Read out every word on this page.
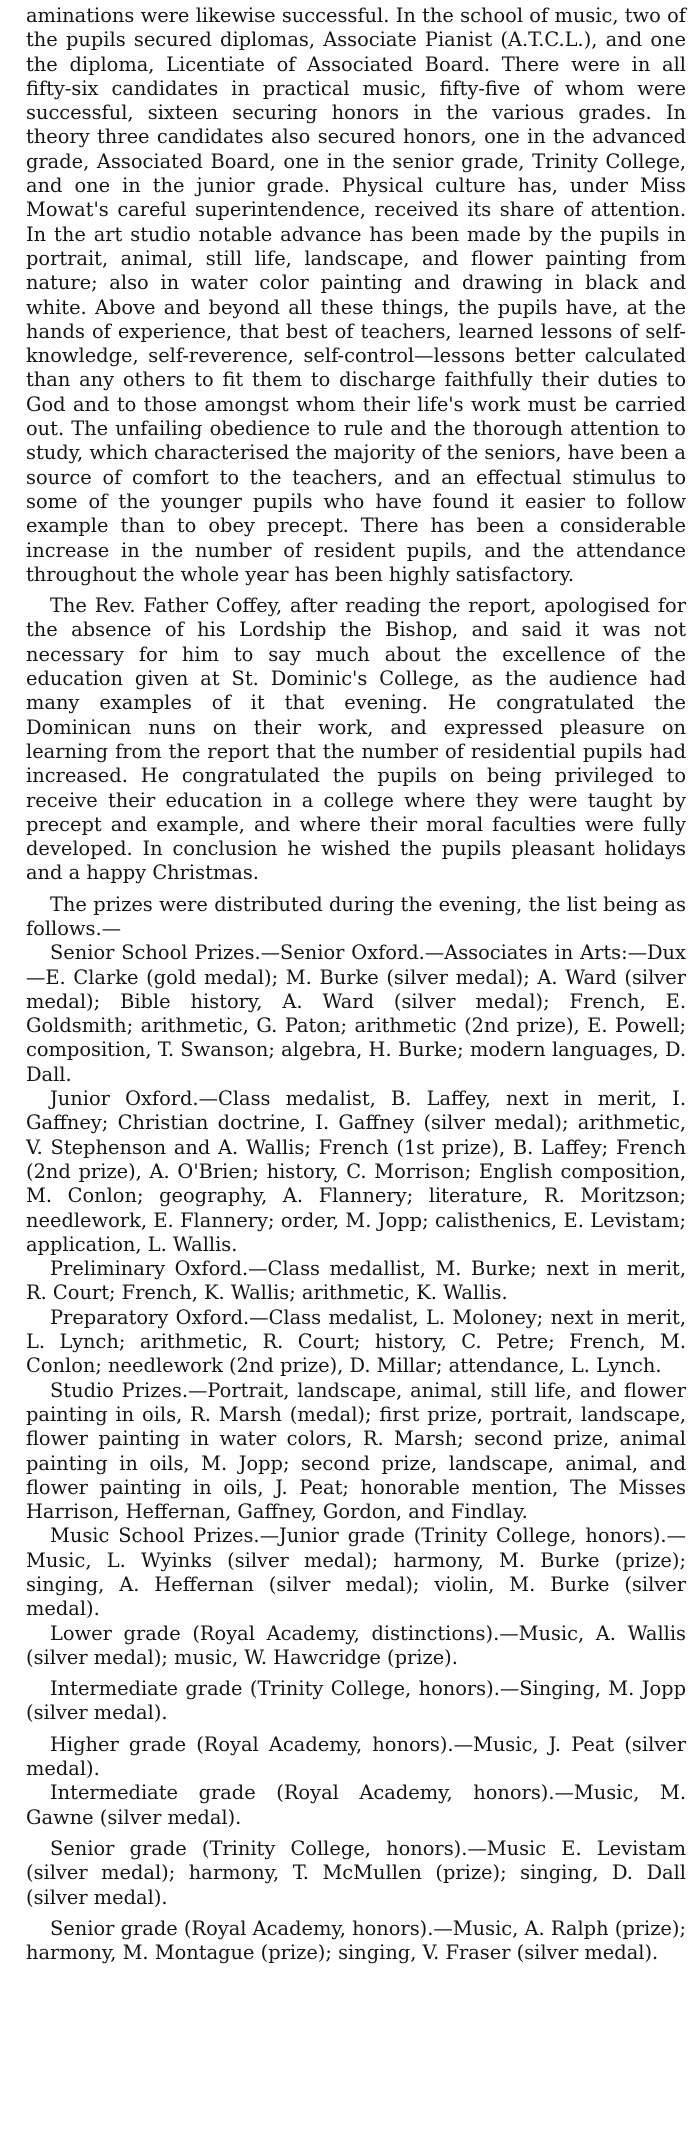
aminations were likewise successful. In the school of music, two of the pupils secured diplomas, Associate Pianist (A.T.C.L.), and one the diploma, Licentiate of Associated Board. There were in all fifty-six candidates in practical music, fifty-five of whom were successful, sixteen securing honors in the various grades. In theory three candidates also secured honors, one in the advanced grade, Associated Board, one in the senior grade, Trinity College, and one in the junior grade. Physical culture has, under Miss Mowat's careful superintendence, received its share of attention. In the art studio notable advance has been made by the pupils in portrait, animal, still life, landscape, and flower painting from nature; also in water color painting and drawing in black and white. Above and beyond all these things, the pupils have, at the hands of experience, that best of teachers, learned lessons of self-knowledge, self-reverence, self-control—lessons better calculated than any others to fit them to discharge faithfully their duties to God and to those amongst whom their life's work must be carried out. The unfailing obedience to rule and the thorough attention to study, which characterised the majority of the seniors, have been a source of comfort to the teachers, and an effectual stimulus to some of the younger pupils who have found it easier to follow example than to obey precept. There has been a considerable increase in the number of resident pupils, and the attendance throughout the whole year has been highly satisfactory.

The Rev. Father Coffey, after reading the report, apologised for the absence of his Lordship the Bishop, and said it was not necessary for him to say much about the excellence of the education given at St. Dominic's College, as the audience had many examples of it that evening. He congratulated the Dominican nuns on their work, and expressed pleasure on learning from the report that the number of residential pupils had increased. He congratulated the pupils on being privileged to receive their education in a college where they were taught by precept and example, and where their moral faculties were fully developed. In conclusion he wished the pupils pleasant holidays and a happy Christmas.

The prizes were distributed during the evening, the list being as follows.—

Senior School Prizes.—Senior Oxford.—Associates in Arts:—Dux—E. Clarke (gold medal); M. Burke (silver medal); A. Ward (silver medal); Bible history, A. Ward (silver medal); French, E. Goldsmith; arithmetic, G. Paton; arithmetic (2nd prize), E. Powell; composition, T. Swanson; algebra, H. Burke; modern languages, D. Dall.

Junior Oxford.—Class medalist, B. Laffey, next in merit, I. Gaffney; Christian doctrine, I. Gaffney (silver medal); arithmetic, V. Stephenson and A. Wallis; French (1st prize), B. Laffey; French (2nd prize), A. O'Brien; history, C. Morrison; English composition, M. Conlon; geography, A. Flannery; literature, R. Moritzson; needlework, E. Flannery; order, M. Jopp; calisthenics, E. Levistam; application, L. Wallis.

Preliminary Oxford.—Class medallist, M. Burke; next in merit, R. Court; French, K. Wallis; arithmetic, K. Wallis.

Preparatory Oxford.—Class medalist, L. Moloney; next in merit, L. Lynch; arithmetic, R. Court; history, C. Petre; French, M. Conlon; needlework (2nd prize), D. Millar; attendance, L. Lynch.

Studio Prizes.—Portrait, landscape, animal, still life, and flower painting in oils, R. Marsh (medal); first prize, portrait, landscape, flower painting in water colors, R. Marsh; second prize, animal painting in oils, M. Jopp; second prize, landscape, animal, and flower painting in oils, J. Peat; honorable mention, The Misses Harrison, Heffernan, Gaffney, Gordon, and Findlay.

Music School Prizes.—Junior grade (Trinity College, honors).—Music, L. Wyinks (silver medal); harmony, M. Burke (prize); singing, A. Heffernan (silver medal); violin, M. Burke (silver medal).

Lower grade (Royal Academy, distinctions).—Music, A. Wallis (silver medal); music, W. Hawcridge (prize).

Intermediate grade (Trinity College, honors).—Singing, M. Jopp (silver medal).

Higher grade (Royal Academy, honors).—Music, J. Peat (silver medal).

Intermediate grade (Royal Academy, honors).—Music, M. Gawne (silver medal).

Senior grade (Trinity College, honors).—Music E. Levistam (silver medal); harmony, T. McMullen (prize); singing, D. Dall (silver medal).

Senior grade (Royal Academy, honors).—Music, A. Ralph (prize); harmony, M. Montague (prize); singing, V. Fraser (silver medal).
